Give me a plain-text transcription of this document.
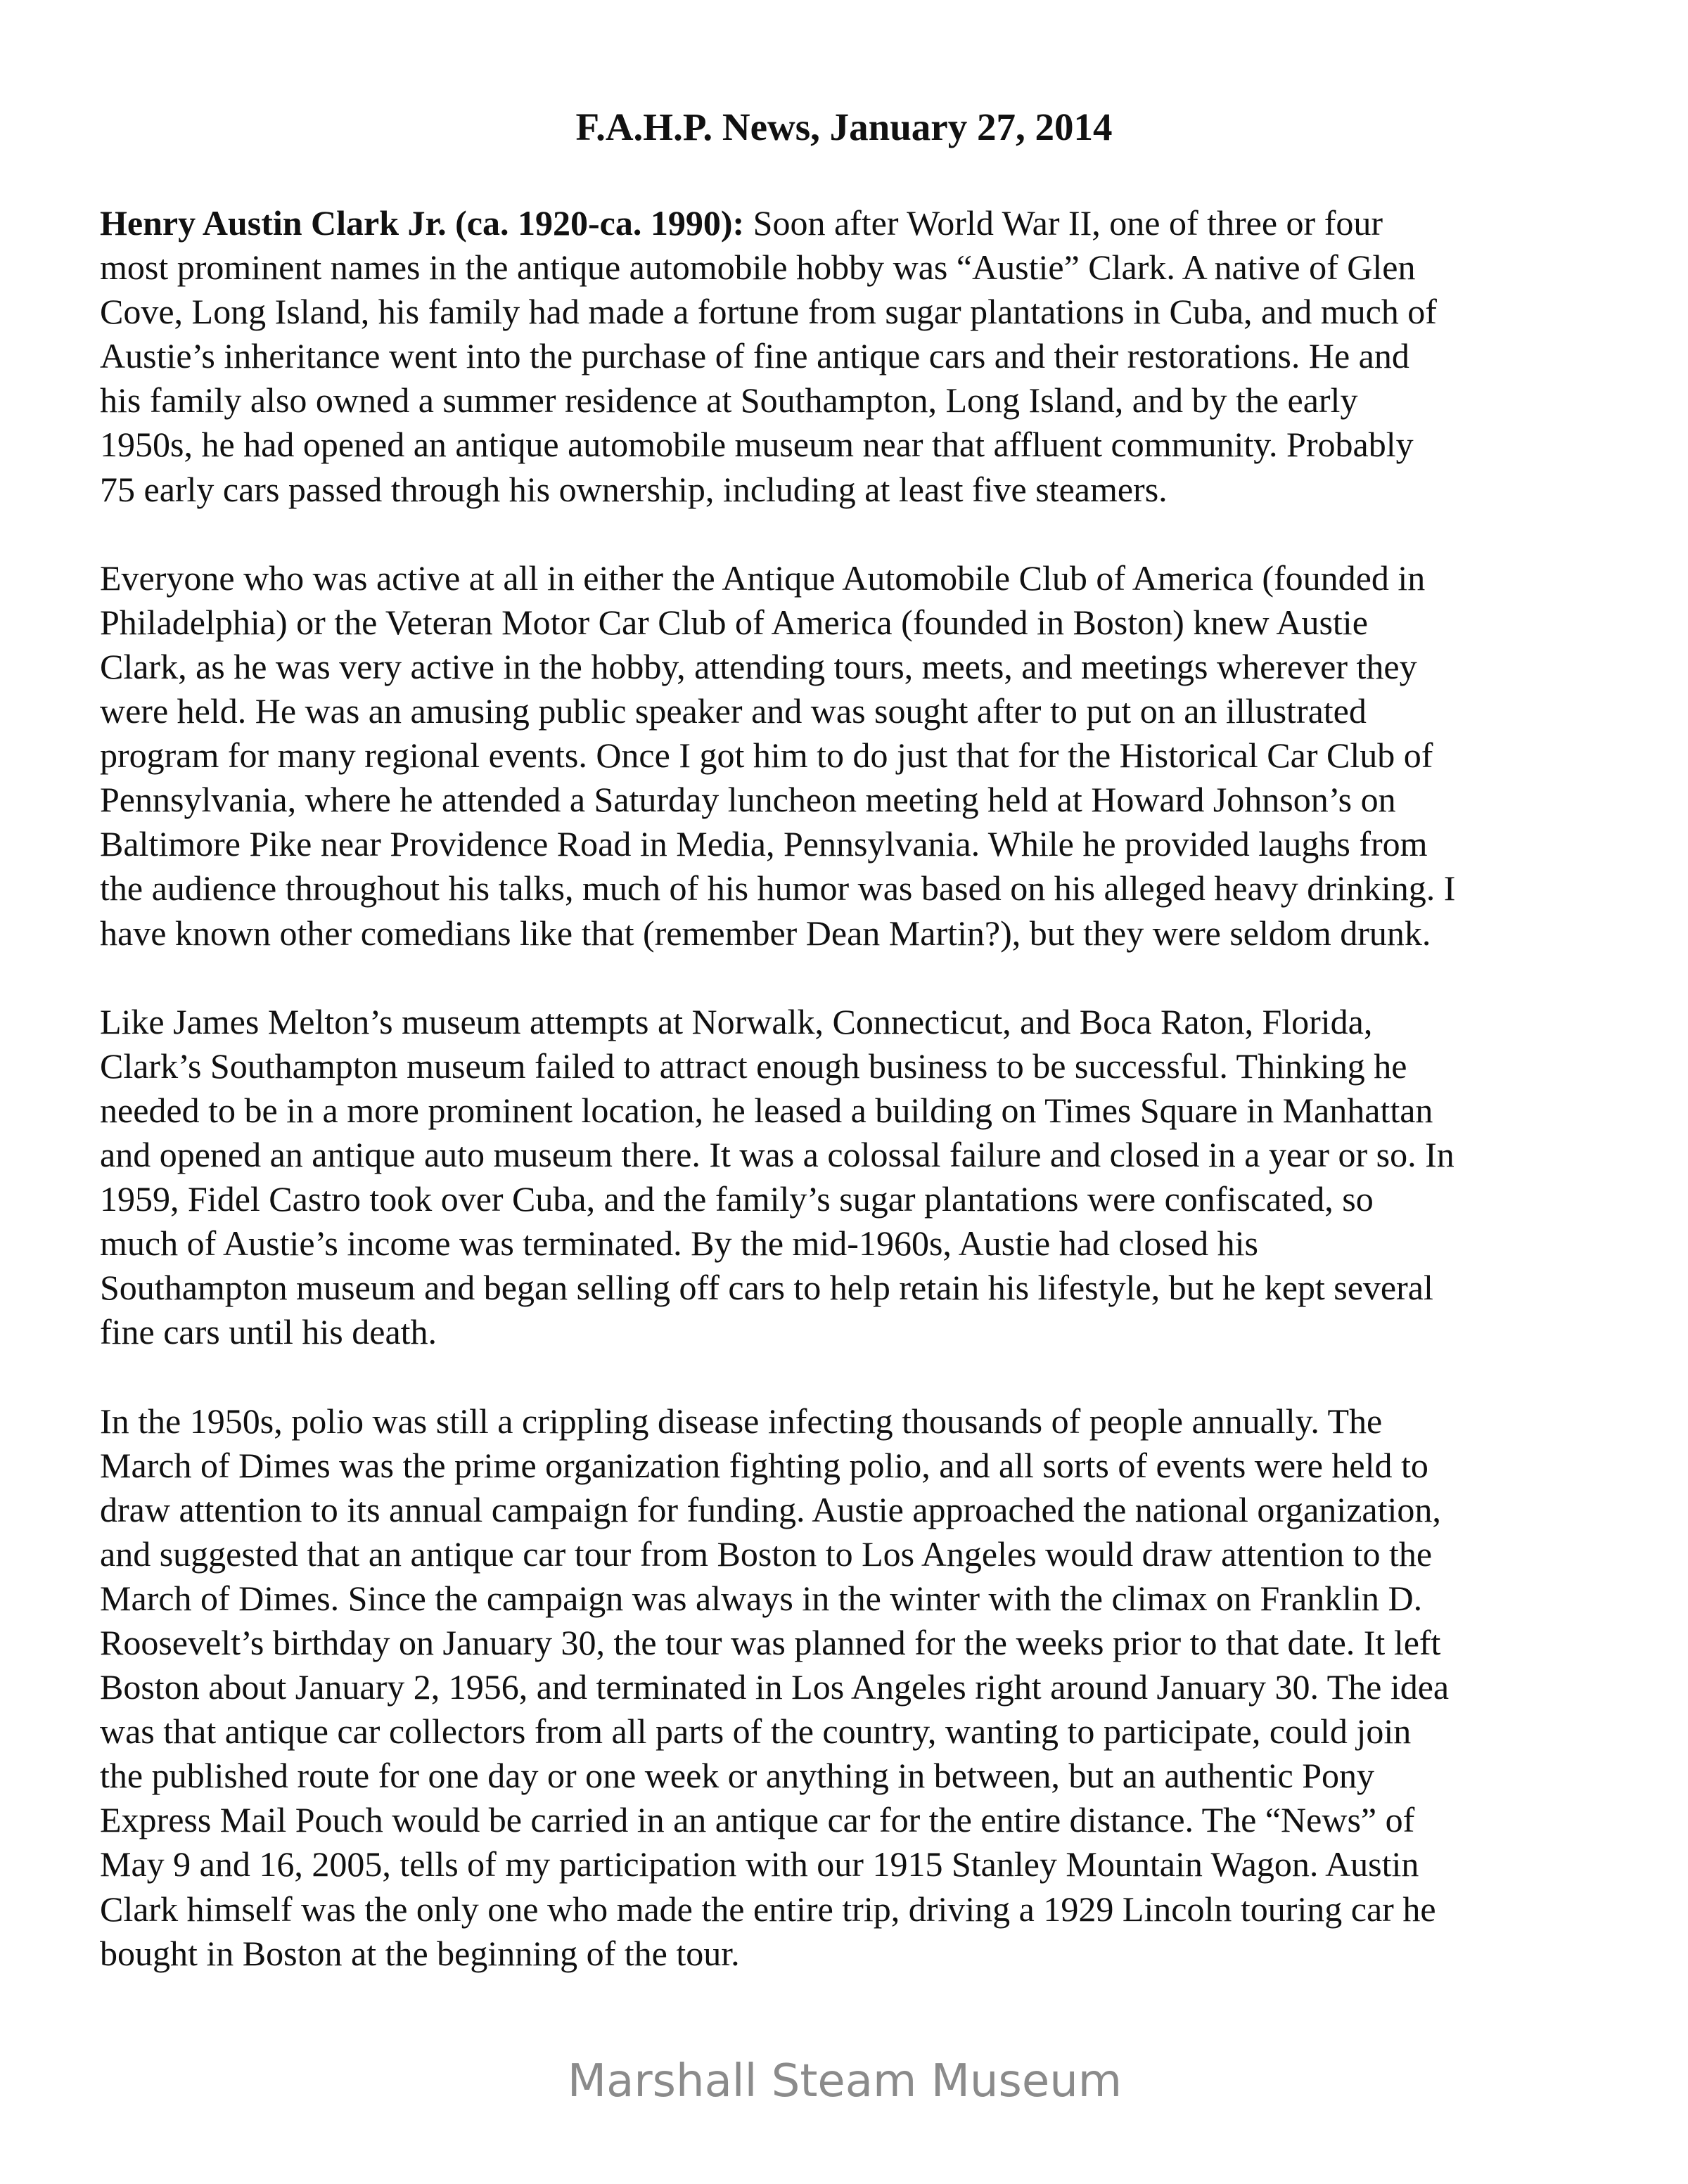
F.A.H.P. News, January 27, 2014
Henry Austin Clark Jr. (ca. 1920-ca. 1990): Soon after World War II, one of three or four
most prominent names in the antique automobile hobby was “Austie” Clark. A native of Glen
Cove, Long Island, his family had made a fortune from sugar plantations in Cuba, and much of
Austie’s inheritance went into the purchase of fine antique cars and their restorations. He and
his family also owned a summer residence at Southampton, Long Island, and by the early
1950s, he had opened an antique automobile museum near that affluent community. Probably
75 early cars passed through his ownership, including at least five steamers.
Everyone who was active at all in either the Antique Automobile Club of America (founded in
Philadelphia) or the Veteran Motor Car Club of America (founded in Boston) knew Austie
Clark, as he was very active in the hobby, attending tours, meets, and meetings wherever they
were held. He was an amusing public speaker and was sought after to put on an illustrated
program for many regional events. Once I got him to do just that for the Historical Car Club of
Pennsylvania, where he attended a Saturday luncheon meeting held at Howard Johnson’s on
Baltimore Pike near Providence Road in Media, Pennsylvania. While he provided laughs from
the audience throughout his talks, much of his humor was based on his alleged heavy drinking. I
have known other comedians like that (remember Dean Martin?), but they were seldom drunk.
Like James Melton’s museum attempts at Norwalk, Connecticut, and Boca Raton, Florida,
Clark’s Southampton museum failed to attract enough business to be successful. Thinking he
needed to be in a more prominent location, he leased a building on Times Square in Manhattan
and opened an antique auto museum there. It was a colossal failure and closed in a year or so. In
1959, Fidel Castro took over Cuba, and the family’s sugar plantations were confiscated, so
much of Austie’s income was terminated. By the mid-1960s, Austie had closed his
Southampton museum and began selling off cars to help retain his lifestyle, but he kept several
fine cars until his death.
In the 1950s, polio was still a crippling disease infecting thousands of people annually. The
March of Dimes was the prime organization fighting polio, and all sorts of events were held to
draw attention to its annual campaign for funding. Austie approached the national organization,
and suggested that an antique car tour from Boston to Los Angeles would draw attention to the
March of Dimes. Since the campaign was always in the winter with the climax on Franklin D.
Roosevelt’s birthday on January 30, the tour was planned for the weeks prior to that date. It left
Boston about January 2, 1956, and terminated in Los Angeles right around January 30. The idea
was that antique car collectors from all parts of the country, wanting to participate, could join
the published route for one day or one week or anything in between, but an authentic Pony
Express Mail Pouch would be carried in an antique car for the entire distance. The “News” of
May 9 and 16, 2005, tells of my participation with our 1915 Stanley Mountain Wagon. Austin
Clark himself was the only one who made the entire trip, driving a 1929 Lincoln touring car he
bought in Boston at the beginning of the tour.
Marshall Steam Museum
